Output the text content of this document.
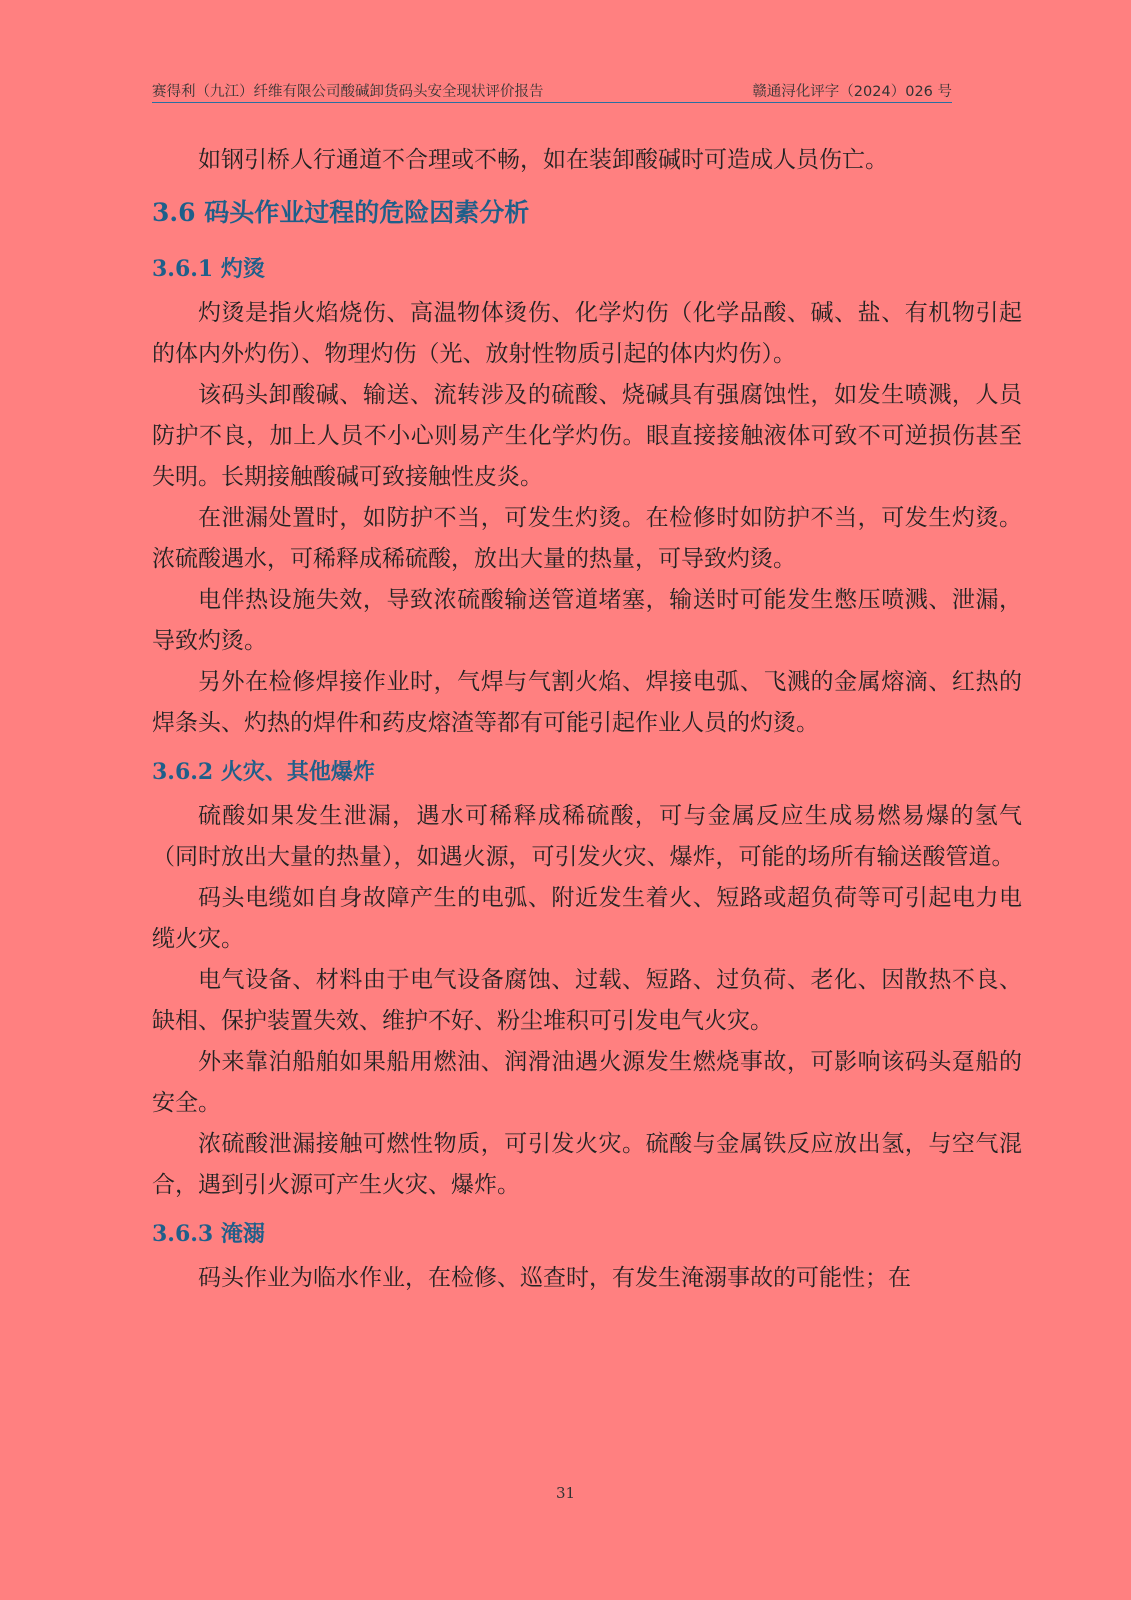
赛得利（九江）纤维有限公司酸碱卸货码头安全现状评价报告	赣通浔化评字（2024）026 号

如钢引桥人行通道不合理或不畅，如在装卸酸碱时可造成人员伤亡。

3.6 码头作业过程的危险因素分析
3.6.1 灼烫

灼烫是指火焰烧伤、高温物体烫伤、化学灼伤（化学品酸、碱、盐、有机物引起的体内外灼伤）、物理灼伤（光、放射性物质引起的体内灼伤）。

该码头卸酸碱、输送、流转涉及的硫酸、烧碱具有强腐蚀性，如发生喷溅，人员防护不良，加上人员不小心则易产生化学灼伤。眼直接接触液体可致不可逆损伤甚至失明。长期接触酸碱可致接触性皮炎。

在泄漏处置时，如防护不当，可发生灼烫。在检修时如防护不当，可发生灼烫。浓硫酸遇水，可稀释成稀硫酸，放出大量的热量，可导致灼烫。

电伴热设施失效，导致浓硫酸输送管道堵塞，输送时可能发生憋压喷溅、泄漏，导致灼烫。

另外在检修焊接作业时，气焊与气割火焰、焊接电弧、飞溅的金属熔滴、红热的焊条头、灼热的焊件和药皮熔渣等都有可能引起作业人员的灼烫。

3.6.2 火灾、其他爆炸

硫酸如果发生泄漏，遇水可稀释成稀硫酸，可与金属反应生成易燃易爆的氢气（同时放出大量的热量），如遇火源，可引发火灾、爆炸，可能的场所有输送酸管道。

码头电缆如自身故障产生的电弧、附近发生着火、短路或超负荷等可引起电力电缆火灾。

电气设备、材料由于电气设备腐蚀、过载、短路、过负荷、老化、因散热不良、缺相、保护装置失效、维护不好、粉尘堆积可引发电气火灾。

外来靠泊船舶如果船用燃油、润滑油遇火源发生燃烧事故，可影响该码头趸船的安全。

浓硫酸泄漏接触可燃性物质，可引发火灾。硫酸与金属铁反应放出氢，与空气混合，遇到引火源可产生火灾、爆炸。

3.6.3 淹溺

码头作业为临水作业，在检修、巡查时，有发生淹溺事故的可能性；在

31
